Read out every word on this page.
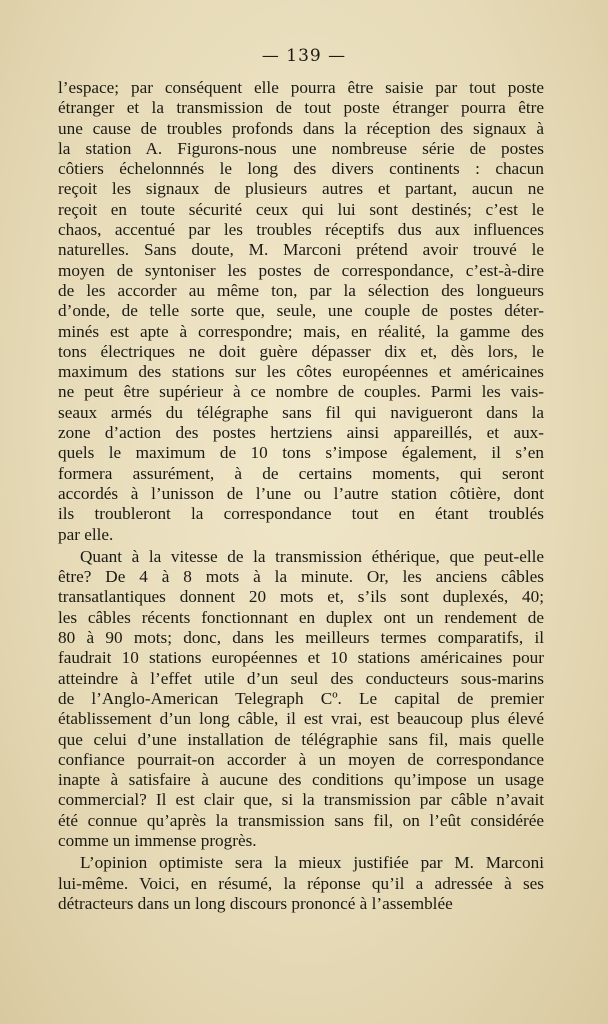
— 139 —
l’espace; par conséquent elle pourra être saisie par tout poste
étranger et la transmission de tout poste étranger pourra être
une cause de troubles profonds dans la réception des signaux à
la station A. Figurons-nous une nombreuse série de postes
côtiers échelonnnés le long des divers continents : chacun
reçoit les signaux de plusieurs autres et partant, aucun ne
reçoit en toute sécurité ceux qui lui sont destinés; c’est le
chaos, accentué par les troubles réceptifs dus aux influences
naturelles. Sans doute, M. Marconi prétend avoir trouvé le
moyen de syntoniser les postes de correspondance, c’est-à-dire
de les accorder au même ton, par la sélection des longueurs
d’onde, de telle sorte que, seule, une couple de postes déter-
minés est apte à correspondre; mais, en réalité, la gamme des
tons électriques ne doit guère dépasser dix et, dès lors, le
maximum des stations sur les côtes européennes et américaines
ne peut être supérieur à ce nombre de couples. Parmi les vais-
seaux armés du télégraphe sans fil qui navigueront dans la
zone d’action des postes hertziens ainsi appareillés, et aux-
quels le maximum de 10 tons s’impose également, il s’en
formera assurément, à de certains moments, qui seront
accordés à l’unisson de l’une ou l’autre station côtière, dont
ils troubleront la correspondance tout en étant troublés
par elle.
Quant à la vitesse de la transmission éthérique, que peut-elle
être? De 4 à 8 mots à la minute. Or, les anciens câbles
transatlantiques donnent 20 mots et, s’ils sont duplexés, 40;
les câbles récents fonctionnant en duplex ont un rendement de
80 à 90 mots; donc, dans les meilleurs termes comparatifs, il
faudrait 10 stations européennes et 10 stations américaines pour
atteindre à l’effet utile d’un seul des conducteurs sous-marins
de l’Anglo-American Telegraph Cº. Le capital de premier
établissement d’un long câble, il est vrai, est beaucoup plus élevé
que celui d’une installation de télégraphie sans fil, mais quelle
confiance pourrait-on accorder à un moyen de correspondance
inapte à satisfaire à aucune des conditions qu’impose un usage
commercial? Il est clair que, si la transmission par câble n’avait
été connue qu’après la transmission sans fil, on l’eût considérée
comme un immense progrès.
L’opinion optimiste sera la mieux justifiée par M. Marconi
lui-même. Voici, en résumé, la réponse qu’il a adressée à ses
détracteurs dans un long discours prononcé à l’assemblée
